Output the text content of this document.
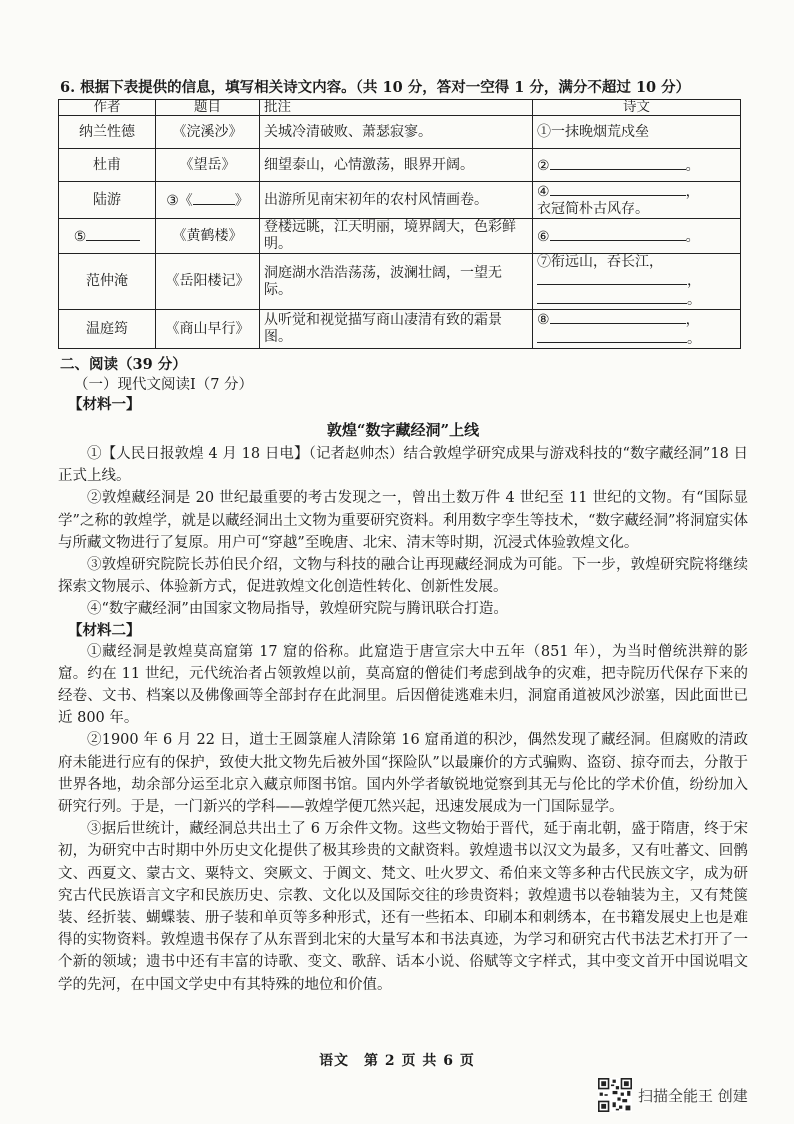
6. 根据下表提供的信息，填写相关诗文内容。（共 10 分，答对一空得 1 分，满分不超过 10 分）
作者	题目	批注	诗文
纳兰性德	《浣溪沙》	关城冷清破败、萧瑟寂寥。	①一抹晚烟荒戍垒
杜甫	《望岳》	细望泰山，心情激荡，眼界开阔。	② 。
陆游	③《 》	出游所见南宋初年的农村风情画卷。	④ ，
衣冠简朴古风存。
⑤	《黄鹤楼》	登楼远眺，江天明丽，境界阔大，色彩鲜明。	⑥ 。
范仲淹	《岳阳楼记》	洞庭湖水浩浩荡荡，波澜壮阔，一望无际。	⑦衔远山，吞长江，
，
。
温庭筠	《商山早行》	从听觉和视觉描写商山凄清有致的霜景图。	⑧ ，
。
二、阅读（39 分）
（一）现代文阅读Ⅰ（7 分）
【材料一】
敦煌“数字藏经洞”上线

①【人民日报敦煌 4 月 18 日电】（记者赵帅杰）结合敦煌学研究成果与游戏科技的“数字藏经洞”18 日正式上线。

②敦煌藏经洞是 20 世纪最重要的考古发现之一，曾出土数万件 4 世纪至 11 世纪的文物。有“国际显学”之称的敦煌学，就是以藏经洞出土文物为重要研究资料。利用数字孪生等技术，“数字藏经洞”将洞窟实体与所藏文物进行了复原。用户可“穿越”至晚唐、北宋、清末等时期，沉浸式体验敦煌文化。

③敦煌研究院院长苏伯民介绍，文物与科技的融合让再现藏经洞成为可能。下一步，敦煌研究院将继续探索文物展示、体验新方式，促进敦煌文化创造性转化、创新性发展。

④“数字藏经洞”由国家文物局指导，敦煌研究院与腾讯联合打造。

【材料二】

①藏经洞是敦煌莫高窟第 17 窟的俗称。此窟造于唐宣宗大中五年（851 年），为当时僧统洪辩的影窟。约在 11 世纪，元代统治者占领敦煌以前，莫高窟的僧徒们考虑到战争的灾难，把寺院历代保存下来的经卷、文书、档案以及佛像画等全部封存在此洞里。后因僧徒逃难未归，洞窟甬道被风沙淤塞，因此面世已近 800 年。

②1900 年 6 月 22 日，道士王圆箓雇人清除第 16 窟甬道的积沙，偶然发现了藏经洞。但腐败的清政府未能进行应有的保护，致使大批文物先后被外国“探险队”以最廉价的方式骗购、盗窃、掠夺而去，分散于世界各地，劫余部分运至北京入藏京师图书馆。国内外学者敏锐地觉察到其无与伦比的学术价值，纷纷加入研究行列。于是，一门新兴的学科——敦煌学便兀然兴起，迅速发展成为一门国际显学。

③据后世统计，藏经洞总共出土了 6 万余件文物。这些文物始于晋代，延于南北朝，盛于隋唐，终于宋初，为研究中古时期中外历史文化提供了极其珍贵的文献资料。敦煌遗书以汉文为最多，又有吐蕃文、回鹘文、西夏文、蒙古文、粟特文、突厥文、于阗文、梵文、吐火罗文、希伯来文等多种古代民族文字，成为研究古代民族语言文字和民族历史、宗教、文化以及国际交往的珍贵资料；敦煌遗书以卷轴装为主，又有梵箧装、经折装、蝴蝶装、册子装和单页等多种形式，还有一些拓本、印刷本和刺绣本，在书籍发展史上也是难得的实物资料。敦煌遗书保存了从东晋到北宋的大量写本和书法真迹，为学习和研究古代书法艺术打开了一个新的领域；遗书中还有丰富的诗歌、变文、歌辞、话本小说、俗赋等文字样式，其中变文首开中国说唱文学的先河，在中国文学史中有其特殊的地位和价值。

语文　第 2 页 共 6 页
扫描全能王 创建
